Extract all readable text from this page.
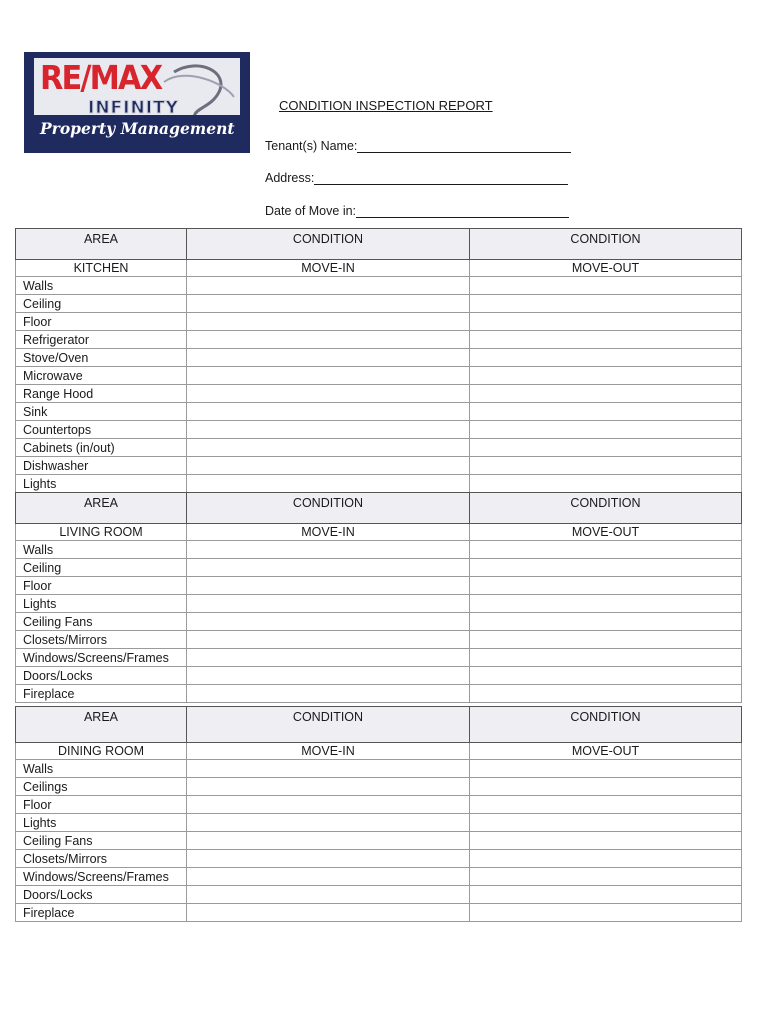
RE/MAX
INFINITY
Property Management
CONDITION INSPECTION REPORT
Tenant(s) Name:
Address:
Date of Move in:
AREA	CONDITION	CONDITION
KITCHEN	MOVE-IN	MOVE-OUT
Walls		
Ceiling		
Floor		
Refrigerator		
Stove/Oven		
Microwave		
Range Hood		
Sink		
Countertops		
Cabinets (in/out)		
Dishwasher		
Lights		
AREA	CONDITION	CONDITION
LIVING ROOM	MOVE-IN	MOVE-OUT
Walls		
Ceiling		
Floor		
Lights		
Ceiling Fans		
Closets/Mirrors		
Windows/Screens/Frames		
Doors/Locks		
Fireplace		
AREA	CONDITION	CONDITION
DINING ROOM	MOVE-IN	MOVE-OUT
Walls		
Ceilings		
Floor		
Lights		
Ceiling Fans		
Closets/Mirrors		
Windows/Screens/Frames		
Doors/Locks		
Fireplace		
